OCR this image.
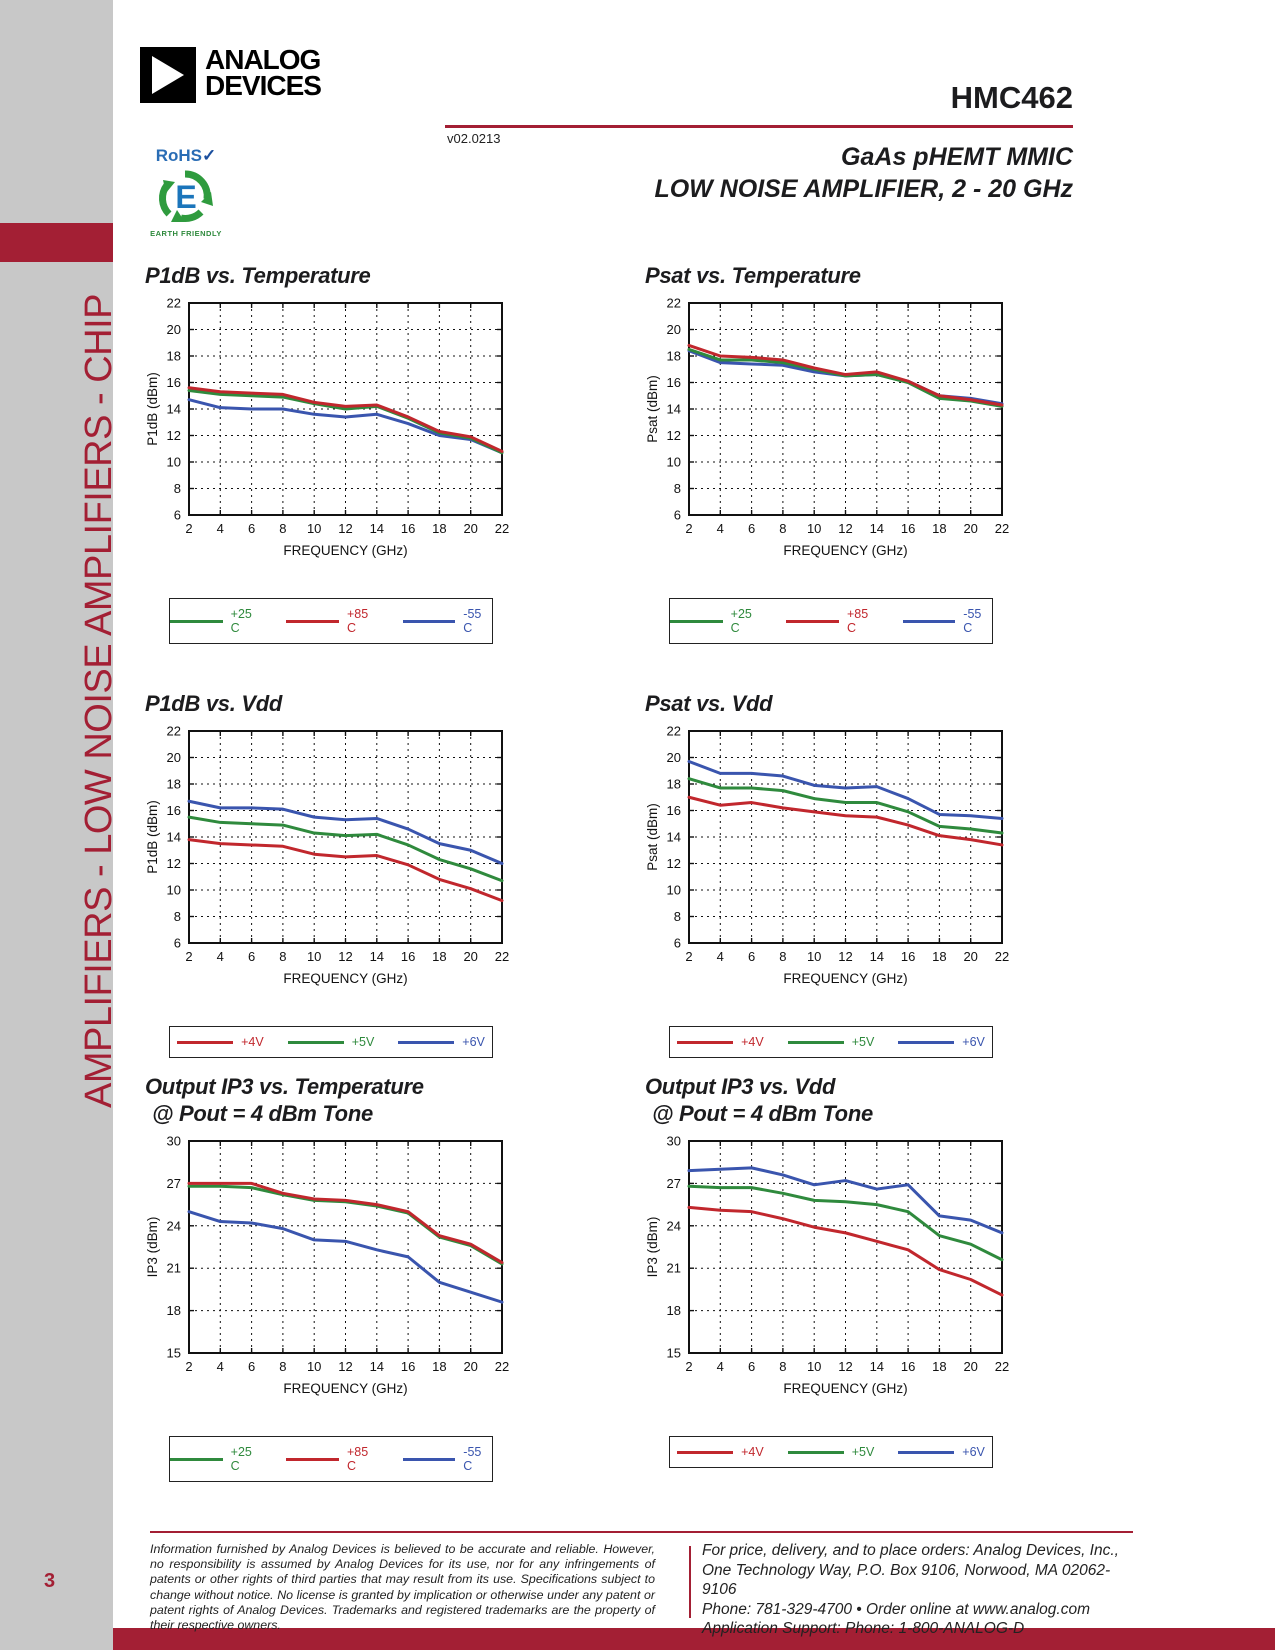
AMPLIFIERS - LOW NOISE AMPLIFIERS - CHIP
3
ANALOG
DEVICES	HMC462
v02.0213
GaAs pHEMT MMIC
LOW NOISE AMPLIFIER, 2 - 20 GHz
RoHS✓
E
EARTH FRIENDLY
P1dB vs. Temperature
6
8
10
12
14
16
18
20
22
2 4 6 8 10 12 14 16 18 20 22
P1dB (dBm)
FREQUENCY (GHz)
+25 C
+85 C
-55 C
Psat vs. Temperature
6
8
10
12
14
16
18
20
22
2 4 6 8 10 12 14 16 18 20 22
Psat (dBm)
FREQUENCY (GHz)
+25 C
+85 C
-55 C
P1dB vs. Vdd
6
8
10
12
14
16
18
20
22
2 4 6 8 10 12 14 16 18 20 22
P1dB (dBm)
FREQUENCY (GHz)
+4V	+5V	+6V
Psat vs. Vdd
6
8
10
12
14
16
18
20
22
2 4 6 8 10 12 14 16 18 20 22
Psat (dBm)
FREQUENCY (GHz)
+4V	+5V	+6V
Output IP3 vs. Temperature
@ Pout = 4 dBm Tone
15
18
21
24
27
30
2 4 6 8 10 12 14 16 18 20 22
IP3 (dBm)
FREQUENCY (GHz)
+25 C
+85 C
-55 C
Output IP3 vs. Vdd
@ Pout = 4 dBm Tone
15
18
21
24
27
30
2 4 6 8 10 12 14 16 18 20 22
IP3 (dBm)
FREQUENCY (GHz)
+4V	+5V	+6V
Information furnished by Analog Devices is believed to be accurate and reliable. However, no responsibility is assumed by Analog Devices for its use, nor for any infringements of patents or other rights of third parties that may result from its use. Specifications subject to change without notice. No license is granted by implication or otherwise under any patent or patent rights of Analog Devices. Trademarks and registered trademarks are the property of their respective owners.
For price, delivery, and to place orders: Analog Devices, Inc.,
One Technology Way, P.O. Box 9106, Norwood, MA 02062-9106
Phone: 781-329-4700 • Order online at www.analog.com
Application Support: Phone: 1-800-ANALOG-D
